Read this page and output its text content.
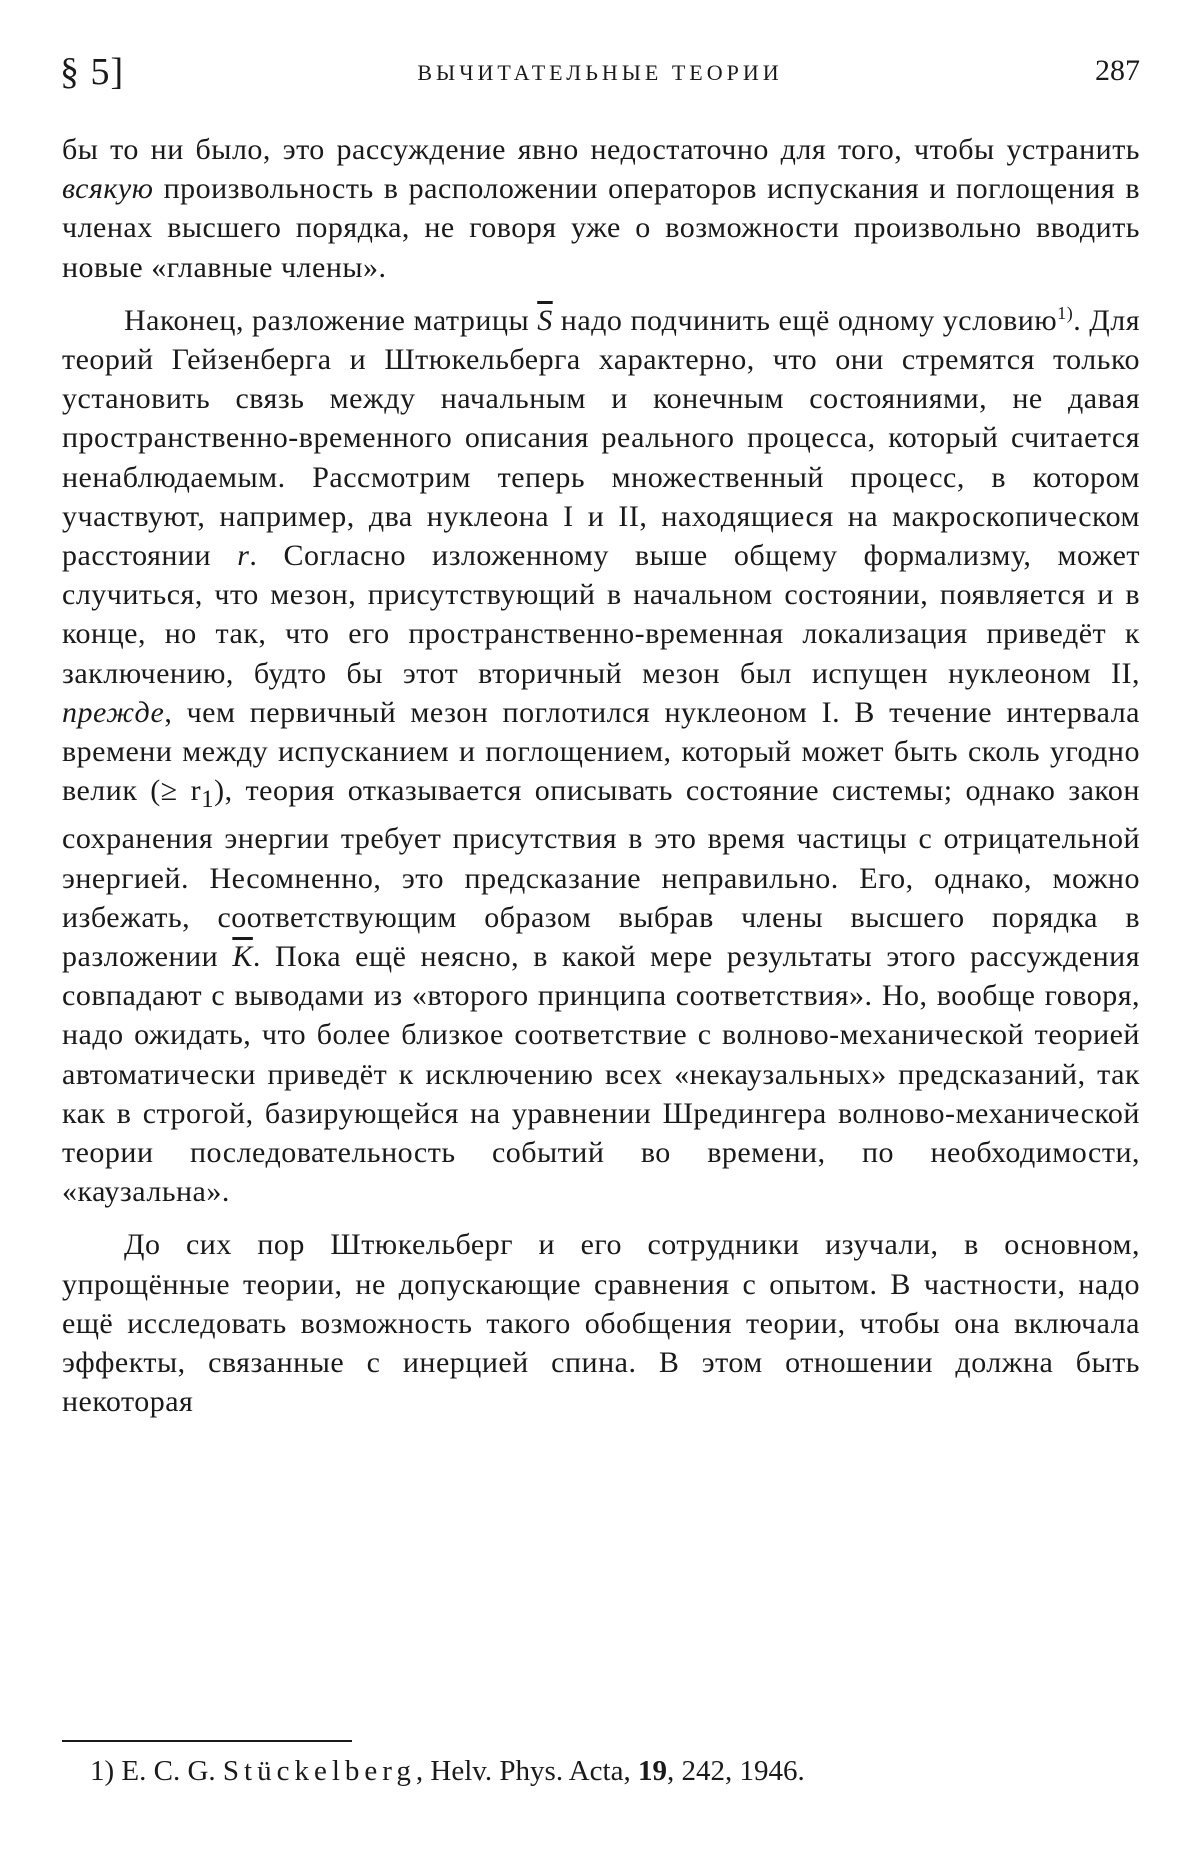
§ 5]	ВЫЧИТАТЕЛЬНЫЕ ТЕОРИИ	287

бы то ни было, это рассуждение явно недостаточно для того, чтобы устранить всякую произвольность в расположении операторов испускания и поглощения в членах высшего порядка, не говоря уже о возможности произвольно вводить новые «главные члены».

Наконец, разложение матрицы $\overline{S}$ надо подчинить ещё одному условию$^{1)}$. Для теорий Гейзенберга и Штюкельберга характерно, что они стремятся только установить связь между начальным и конечным состояниями, не давая пространственно-временного описания реального процесса, который считается ненаблюдаемым. Рассмотрим теперь множественный процесс, в котором участвуют, например, два нуклеона I и II, находящиеся на макроскопическом расстоянии r. Согласно изложенному выше общему формализму, может случиться, что мезон, присутствующий в начальном состоянии, появляется и в конце, но так, что его пространственно-временная локализация приведёт к заключению, будто бы этот вторичный мезон был испущен нуклеоном II, прежде, чем первичный мезон поглотился нуклеоном I. В течение интервала времени между испусканием и поглощением, который может быть сколь угодно велик (≥ $r_1$), теория отказывается описывать состояние системы; однако закон сохранения энергии требует присутствия в это время частицы с отрицательной энергией. Несомненно, это предсказание неправильно. Его, однако, можно избежать, соответствующим образом выбрав члены высшего порядка в разложении $\overline{K}$. Пока ещё неясно, в какой мере результаты этого рассуждения совпадают с выводами из «второго принципа соответствия». Но, вообще говоря, надо ожидать, что более близкое соответствие с волново-механической теорией автоматически приведёт к исключению всех «некаузальных» предсказаний, так как в строгой, базирующейся на уравнении Шредингера волново-механической теории последовательность событий во времени, по необходимости, «каузальна».

До сих пор Штюкельберг и его сотрудники изучали, в основном, упрощённые теории, не допускающие сравнения с опытом. В частности, надо ещё исследовать возможность такого обобщения теории, чтобы она включала эффекты, связанные с инерцией спина. В этом отношении должна быть некоторая

1) E. C. G. Stückelberg, Helv. Phys. Acta, 19, 242, 1946.
